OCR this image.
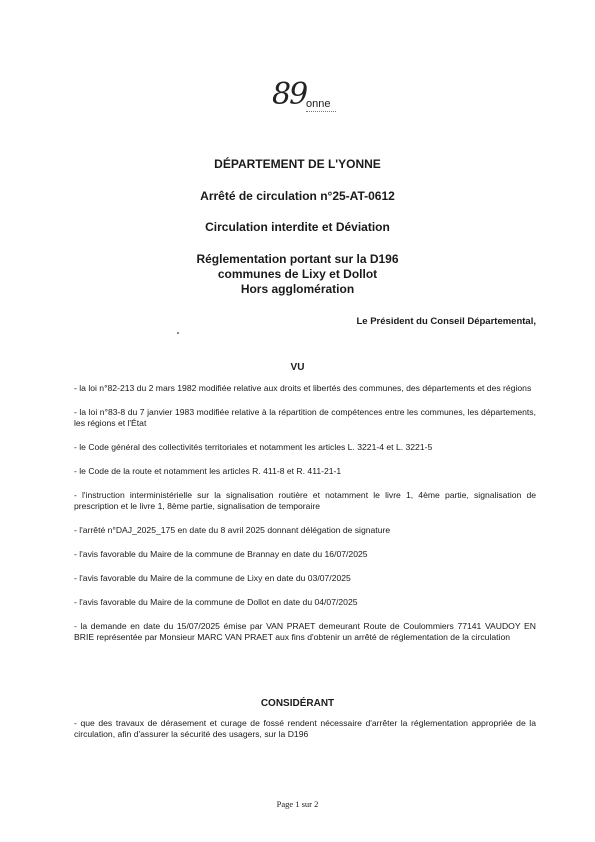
89 onne
DÉPARTEMENT DE L'YONNE
Arrêté de circulation n°25-AT-0612
Circulation interdite et Déviation
Réglementation portant sur la D196
communes de Lixy et Dollot
Hors agglomération
Le Président du Conseil Départemental,
VU
- la loi n°82-213 du 2 mars 1982 modifiée relative aux droits et libertés des communes, des départements et des régions
- la loi n°83-8 du 7 janvier 1983 modifiée relative à la répartition de compétences entre les communes, les départements, les régions et l'État
- le Code général des collectivités territoriales et notamment les articles L. 3221-4 et L. 3221-5
- le Code de la route et notamment les articles R. 411-8 et R. 411-21-1
- l'instruction interministérielle sur la signalisation routière et notamment le livre 1, 4ème partie, signalisation de prescription et le livre 1, 8ème partie, signalisation de temporaire
- l'arrêté n°DAJ_2025_175 en date du 8 avril 2025 donnant délégation de signature
- l'avis favorable du Maire de la commune de Brannay en date du 16/07/2025
- l'avis favorable du Maire de la commune de Lixy en date du 03/07/2025
- l'avis favorable du Maire de la commune de Dollot en date du 04/07/2025
- la demande en date du 15/07/2025 émise par VAN PRAET demeurant Route de Coulommiers 77141 VAUDOY EN BRIE représentée par Monsieur MARC VAN PRAET aux fins d'obtenir un arrêté de réglementation de la circulation
CONSIDÉRANT
- que des travaux de dérasement et curage de fossé rendent nécessaire d'arrêter la réglementation appropriée de la circulation, afin d'assurer la sécurité des usagers, sur la D196
Page 1 sur 2
